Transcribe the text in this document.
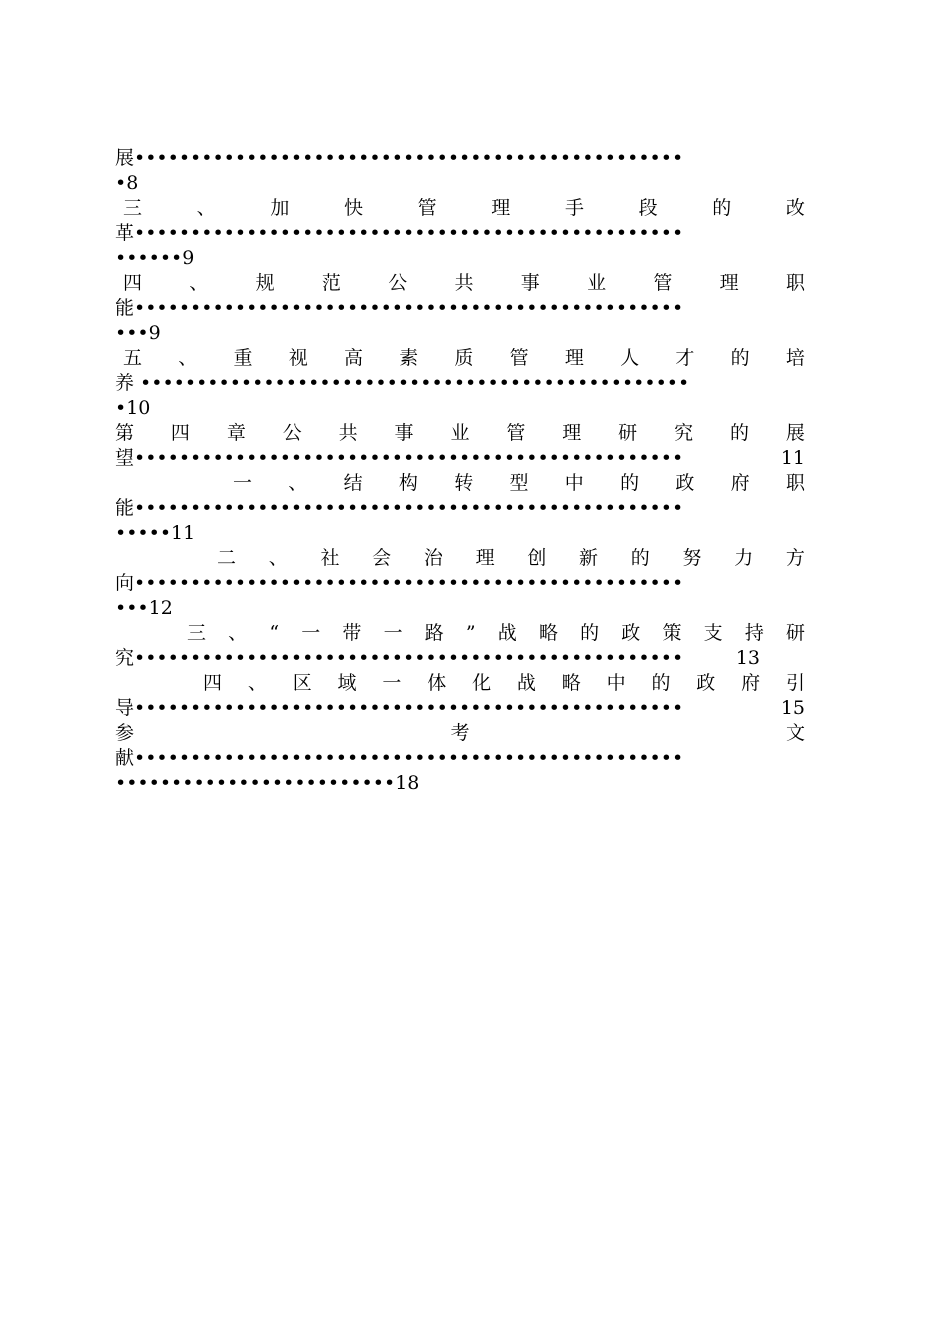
展 •••••••••••••••••••••••••••••••••••••••••••••••••
• 8
三	、	加	快	管	理	手	段	的	改
革 •••••••••••••••••••••••••••••••••••••••••••••••••
•••••• 9
四 、 规 范 公 共 事 业 管 理 职
能 •••••••••••••••••••••••••••••••••••••••••••••••••
••• 9
五 、 重 视 高 素 质 管 理 人 才 的 培
养 •••••••••••••••••••••••••••••••••••••••••••••••••
• 10
第 四 章 公 共 事 业 管 理 研 究 的 展
望 •••••••••••••••••••••••••••••••••••••••••••••••••	11
一 、 结 构 转 型 中 的 政 府 职
能 •••••••••••••••••••••••••••••••••••••••••••••••••
••••• 11
二 、 社 会 治 理 创 新 的 努 力 方
向 •••••••••••••••••••••••••••••••••••••••••••••••••
••• 12
三 、 “ 一 带 一 路 ” 战 略 的 政 策 支 持 研
究 •••••••••••••••••••••••••••••••••••••••••••••••••	13
四 、 区 域 一 体 化 战 略 中 的 政 府 引
导 •••••••••••••••••••••••••••••••••••••••••••••••••	15
参	考	文
献 •••••••••••••••••••••••••••••••••••••••••••••••••
••••••••••••••••••••••••• 18
